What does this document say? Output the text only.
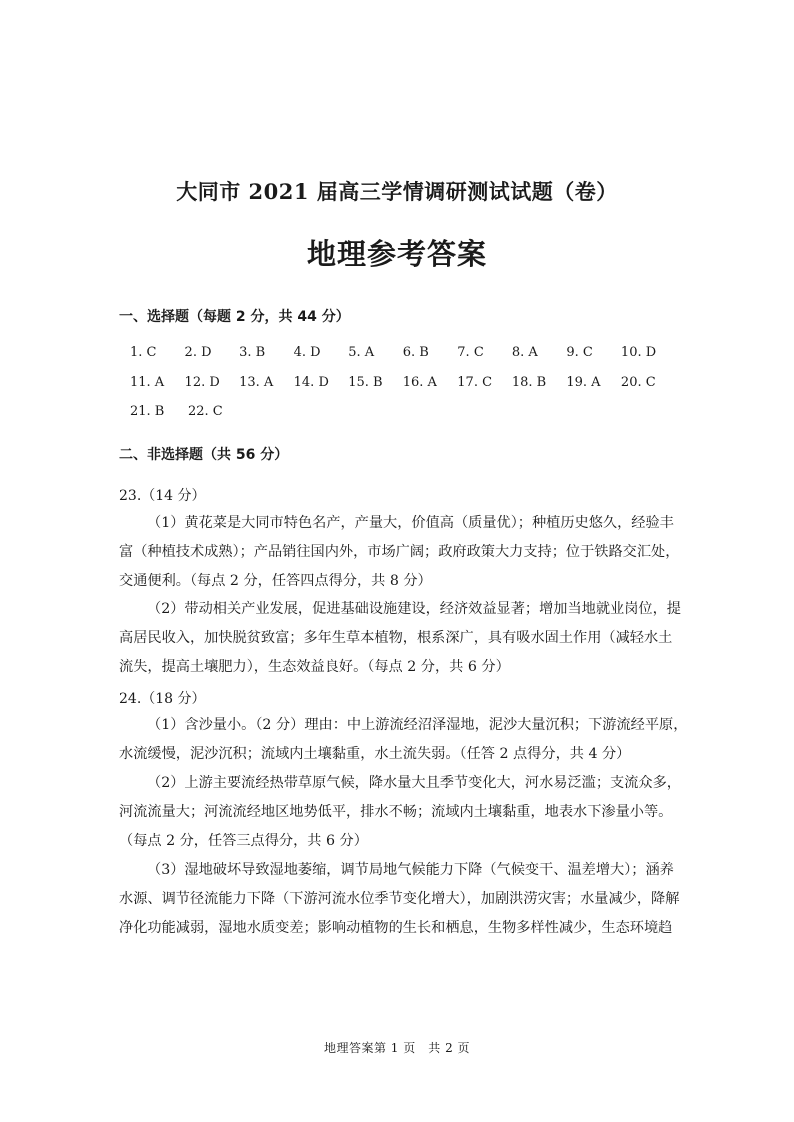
大同市 2021 届高三学情调研测试试题（卷）
地理参考答案
一、选择题（每题 2 分，共 44 分）
1. C	2. D	3. B	4. D	5. A	6. B	7. C	8. A	9. C	10. D
11. A	12. D	13. A	14. D	15. B	16. A	17. C	18. B	19. A	20. C
21. B	22. C
二、非选择题（共 56 分）
23.（14 分）
（1）黄花菜是大同市特色名产，产量大，价值高（质量优）；种植历史悠久，经验丰
富（种植技术成熟）；产品销往国内外，市场广阔；政府政策大力支持；位于铁路交汇处，
交通便利。（每点 2 分，任答四点得分，共 8 分）
（2）带动相关产业发展，促进基础设施建设，经济效益显著；增加当地就业岗位，提
高居民收入，加快脱贫致富；多年生草本植物，根系深广，具有吸水固土作用（减轻水土
流失，提高土壤肥力），生态效益良好。（每点 2 分，共 6 分）
24.（18 分）
（1）含沙量小。（2 分）理由：中上游流经沼泽湿地，泥沙大量沉积；下游流经平原，
水流缓慢，泥沙沉积；流域内土壤黏重，水土流失弱。（任答 2 点得分，共 4 分）
（2）上游主要流经热带草原气候，降水量大且季节变化大，河水易泛滥；支流众多，
河流流量大；河流流经地区地势低平，排水不畅；流域内土壤黏重，地表水下渗量小等。
（每点 2 分，任答三点得分，共 6 分）
（3）湿地破坏导致湿地萎缩，调节局地气候能力下降（气候变干、温差增大）；涵养
水源、调节径流能力下降（下游河流水位季节变化增大），加剧洪涝灾害；水量减少，降解
净化功能减弱，湿地水质变差；影响动植物的生长和栖息，生物多样性减少，生态环境趋
地理答案第 1 页　共 2 页
